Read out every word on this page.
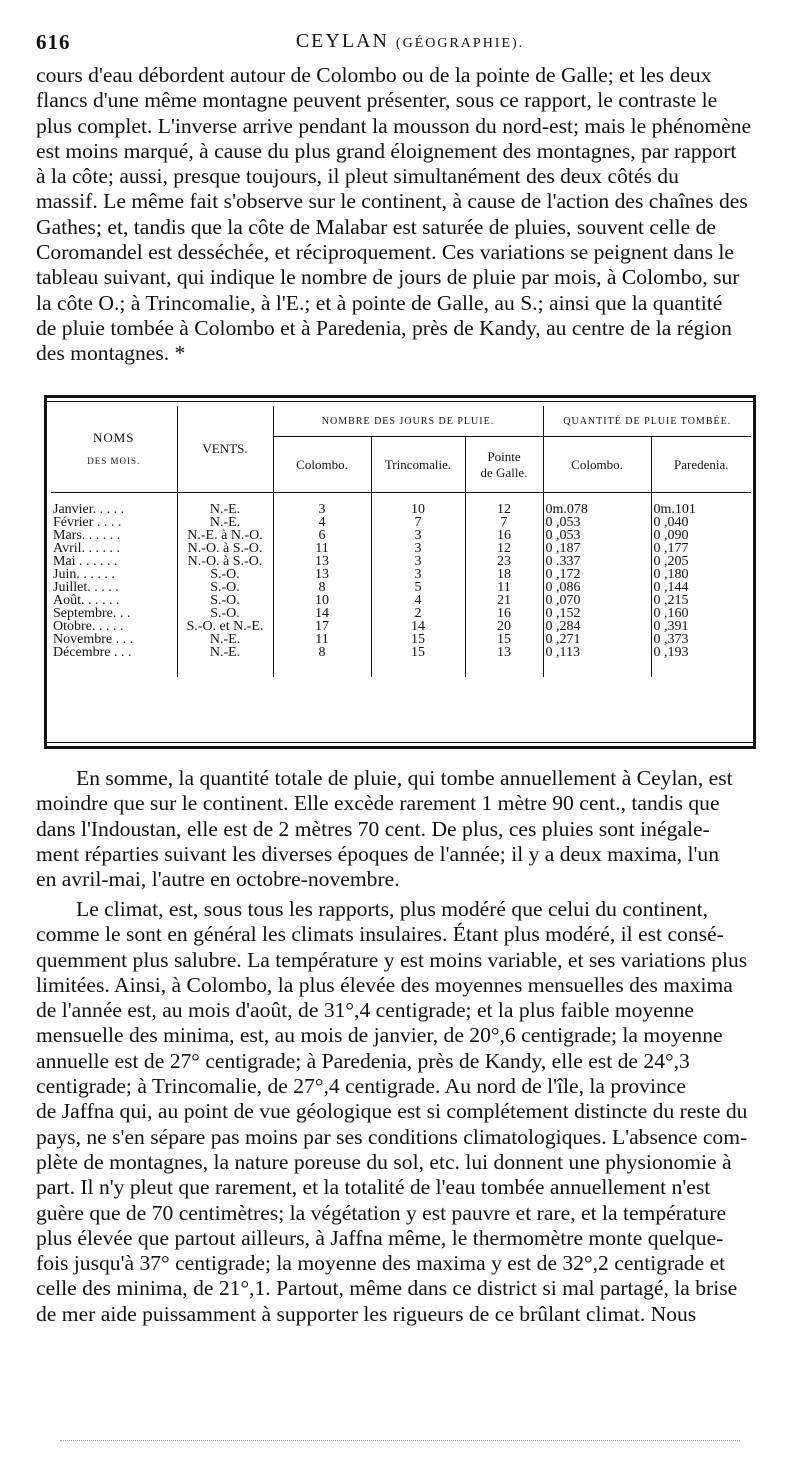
616	CEYLAN (GÉOGRAPHIE).

cours d'eau débordent autour de Colombo ou de la pointe de Galle; et les deux
flancs d'une même montagne peuvent présenter, sous ce rapport, le contraste le
plus complet. L'inverse arrive pendant la mousson du nord-est; mais le phénomène
est moins marqué, à cause du plus grand éloignement des montagnes, par rapport
à la côte; aussi, presque toujours, il pleut simultanément des deux côtés du
massif. Le même fait s'observe sur le continent, à cause de l'action des chaînes des
Gathes; et, tandis que la côte de Malabar est saturée de pluies, souvent celle de
Coromandel est desséchée, et réciproquement. Ces variations se peignent dans le
tableau suivant, qui indique le nombre de jours de pluie par mois, à Colombo, sur
la côte O.; à Trincomalie, à l'E.; et à pointe de Galle, au S.; ainsi que la quantité
de pluie tombée à Colombo et à Paredenia, près de Kandy, au centre de la région
des montagnes. *

NOMS
DES MOIS.	VENTS.	NOMBRE DES JOURS DE PLUIE.			QUANTITÉ DE PLUIE TOMBÉE.	
		Colombo.	Trincomalie.	Pointe
de Galle.	Colombo.	Paredenia.

Janvier. . . . .	N.-E.	3	10	12	0m.078	0m.101
Février . . . .	N.-E.	4	7	7	0 ,053	0 ,040
Mars. . . . . .	N.-E. à N.-O.	6	3	16	0 ,053	0 ,090
Avril. . . . . .	N.-O. à S.-O.	11	3	12	0 ,187	0 ,177
Mai . . . . . .	N.-O. à S.-O.	13	3	23	0 .337	0 ,205
Juin. . . . . .	S.-O.	13	3	18	0 ,172	0 ,180
Juillet. . . . .	S.-O.	8	5	11	0 ,086	0 ,144
Août. . . . . .	S.-O.	10	4	21	0 ,070	0 ,215
Septembre. . .	S.-O.	14	2	16	0 ,152	0 ,160
Otobre. . . . .	S.-O. et N.-E.	17	14	20	0 ,284	0 ,391
Novembre . . .	N.-E.	11	15	15	0 ,271	0 ,373
Décembre . . .	N.-E.	8	15	13	0 ,113	0 ,193

En somme, la quantité totale de pluie, qui tombe annuellement à Ceylan, est
moindre que sur le continent. Elle excède rarement 1 mètre 90 cent., tandis que
dans l'Indoustan, elle est de 2 mètres 70 cent. De plus, ces pluies sont inégale-
ment réparties suivant les diverses époques de l'année; il y a deux maxima, l'un
en avril-mai, l'autre en octobre-novembre.

Le climat, est, sous tous les rapports, plus modéré que celui du continent,
comme le sont en général les climats insulaires. Étant plus modéré, il est consé-
quemment plus salubre. La température y est moins variable, et ses variations plus
limitées. Ainsi, à Colombo, la plus élevée des moyennes mensuelles des maxima
de l'année est, au mois d'août, de 31°,4 centigrade; et la plus faible moyenne
mensuelle des minima, est, au mois de janvier, de 20°,6 centigrade; la moyenne
annuelle est de 27° centigrade; à Paredenia, près de Kandy, elle est de 24°,3
centigrade; à Trincomalie, de 27°,4 centigrade. Au nord de l'île, la province
de Jaffna qui, au point de vue géologique est si complétement distincte du reste du
pays, ne s'en sépare pas moins par ses conditions climatologiques. L'absence com-
plète de montagnes, la nature poreuse du sol, etc. lui donnent une physionomie à
part. Il n'y pleut que rarement, et la totalité de l'eau tombée annuellement n'est
guère que de 70 centimètres; la végétation y est pauvre et rare, et la température
plus élevée que partout ailleurs, à Jaffna même, le thermomètre monte quelque-
fois jusqu'à 37° centigrade; la moyenne des maxima y est de 32°,2 centigrade et
celle des minima, de 21°,1. Partout, même dans ce district si mal partagé, la brise
de mer aide puissamment à supporter les rigueurs de ce brûlant climat. Nous
